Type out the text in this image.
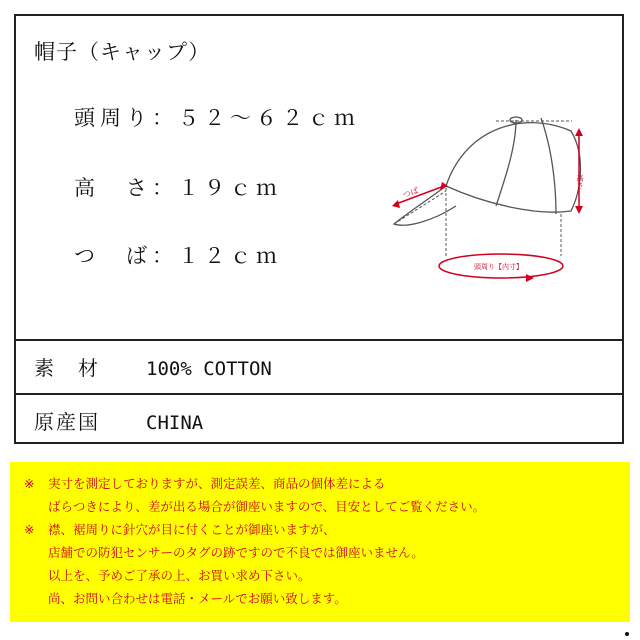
帽子（キャップ）
頭周り：５２〜６２ｃｍ
高　さ：１９ｃｍ
つ　ば：１２ｃｍ
高さ
つば
頭周り【内寸】
素　材 100% COTTON
原産国 CHINA
※ 実寸を測定しておりますが、測定誤差、商品の個体差による
ばらつきにより、差が出る場合が御座いますので、目安としてご覧ください。
※ 襟、裾周りに針穴が目に付くことが御座いますが、
店舗での防犯センサーのタグの跡ですので不良では御座いません。
以上を、予めご了承の上、お買い求め下さい。
尚、お問い合わせは電話・メールでお願い致します。
